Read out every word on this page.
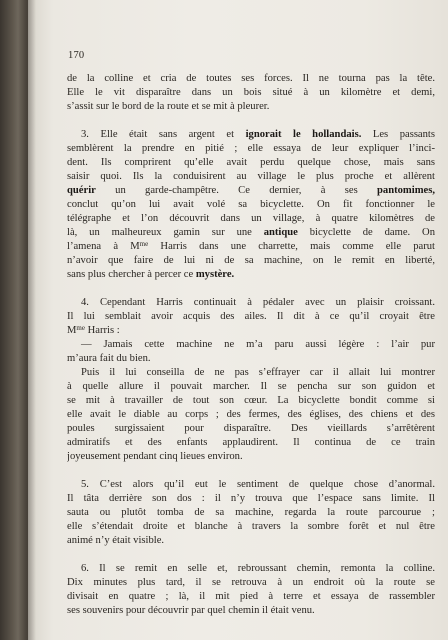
170
de la colline et cria de toutes ses forces. Il ne tourna pas la tête.
Elle le vit disparaître dans un bois situé à un kilomètre et demi,
s’assit sur le bord de la route et se mit à pleurer.
3. Elle était sans argent et ignorait le hollandais. Les passants
semblèrent la prendre en pitié ; elle essaya de leur expliquer l’inci-
dent. Ils comprirent qu’elle avait perdu quelque chose, mais sans
saisir quoi. Ils la conduisirent au village le plus proche et allèrent
quérir un garde-champêtre. Ce dernier, à ses pantomimes,
conclut qu’on lui avait volé sa bicyclette. On fit fonctionner le
télégraphe et l’on découvrit dans un village, à quatre kilomètres de
là, un malheureux gamin sur une antique bicyclette de dame. On
l’amena à $M^{me}$ Harris dans une charrette, mais comme elle parut
n’avoir que faire de lui ni de sa machine, on le remit en liberté,
sans plus chercher à percer ce mystère.
4. Cependant Harris continuait à pédaler avec un plaisir croissant.
Il lui semblait avoir acquis des ailes. Il dit à ce qu’il croyait être
$M^{me}$ Harris :
— Jamais cette machine ne m’a paru aussi légère : l’air pur
m’aura fait du bien.
Puis il lui conseilla de ne pas s’effrayer car il allait lui montrer
à quelle allure il pouvait marcher. Il se pencha sur son guidon et
se mit à travailler de tout son cœur. La bicyclette bondit comme si
elle avait le diable au corps ; des fermes, des églises, des chiens et des
poules surgissaient pour disparaître. Des vieillards s’arrêtèrent
admiratifs et des enfants applaudirent. Il continua de ce train
joyeusement pendant cinq lieues environ.
5. C’est alors qu’il eut le sentiment de quelque chose d’anormal.
Il tâta derrière son dos : il n’y trouva que l’espace sans limite. Il
sauta ou plutôt tomba de sa machine, regarda la route parcourue ;
elle s’étendait droite et blanche à travers la sombre forêt et nul être
animé n’y était visible.
6. Il se remit en selle et, rebroussant chemin, remonta la colline.
Dix minutes plus tard, il se retrouva à un endroit où la route se
divisait en quatre ; là, il mit pied à terre et essaya de rassembler
ses souvenirs pour découvrir par quel chemin il était venu.
